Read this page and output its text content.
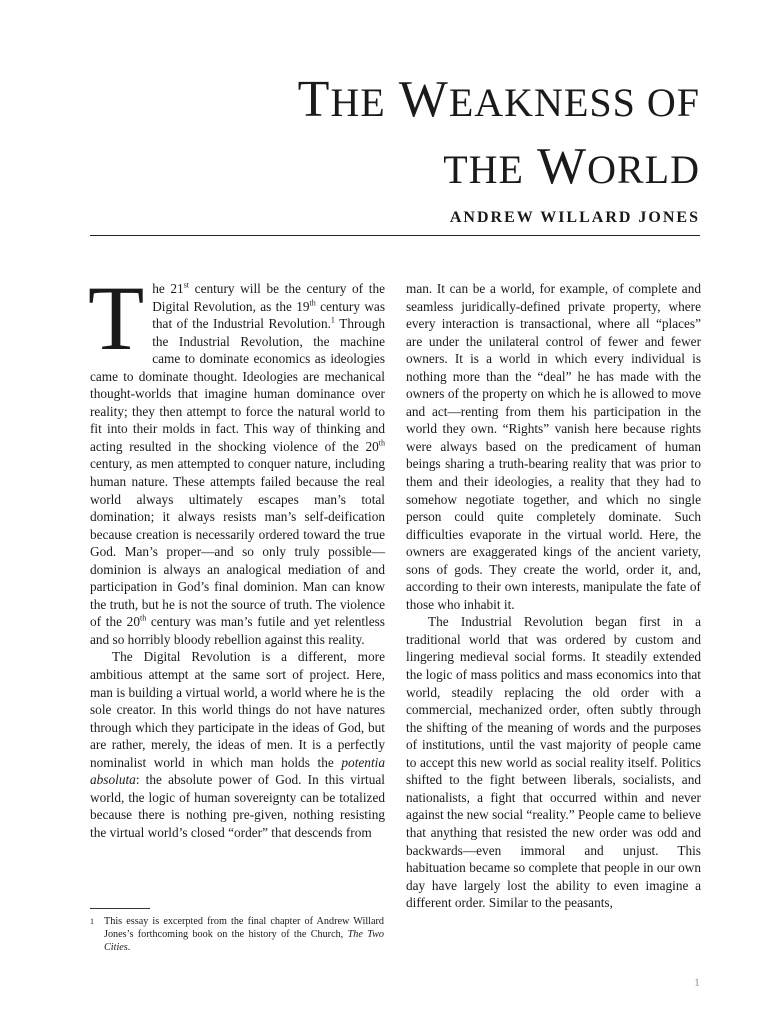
THE WEAKNESS OF
THE WORLD
ANDREW WILLARD JONES

The 21st century will be the century of the Digital Revolution, as the 19th century was that of the Industrial Revolution.$^1$ Through the Industrial Revolution, the machine came to dominate economics as ideologies came to dominate thought. Ideologies are mechanical thought-worlds that imagine human dominance over reality; they then attempt to force the natural world to fit into their molds in fact. This way of thinking and acting resulted in the shocking violence of the 20th century, as men attempted to conquer nature, including human nature. These attempts failed because the real world always ultimately escapes man’s total domination; it always resists man’s self-deification because creation is necessarily ordered toward the true God. Man’s proper—and so only truly possible—dominion is always an analogical mediation of and participation in God’s final dominion. Man can know the truth, but he is not the source of truth. The violence of the 20th century was man’s futile and yet relentless and so horribly bloody rebellion against this reality.

The Digital Revolution is a different, more ambitious attempt at the same sort of project. Here, man is building a virtual world, a world where he is the sole creator. In this world things do not have natures through which they participate in the ideas of God, but are rather, merely, the ideas of men. It is a perfectly nominalist world in which man holds the potentia absoluta: the absolute power of God. In this virtual world, the logic of human sovereignty can be totalized because there is nothing pre-given, nothing resisting the virtual world’s closed “order” that descends from

man. It can be a world, for example, of complete and seamless juridically-defined private property, where every interaction is transactional, where all “places” are under the unilateral control of fewer and fewer owners. It is a world in which every individual is nothing more than the “deal” he has made with the owners of the property on which he is allowed to move and act—renting from them his participation in the world they own. “Rights” vanish here because rights were always based on the predicament of human beings sharing a truth-bearing reality that was prior to them and their ideologies, a reality that they had to somehow negotiate together, and which no single person could quite completely dominate. Such difficulties evaporate in the virtual world. Here, the owners are exaggerated kings of the ancient variety, sons of gods. They create the world, order it, and, according to their own interests, manipulate the fate of those who inhabit it.

The Industrial Revolution began first in a traditional world that was ordered by custom and lingering medieval social forms. It steadily extended the logic of mass politics and mass economics into that world, steadily replacing the old order with a commercial, mechanized order, often subtly through the shifting of the meaning of words and the purposes of institutions, until the vast majority of people came to accept this new world as social reality itself. Politics shifted to the fight between liberals, socialists, and nationalists, a fight that occurred within and never against the new social “reality.” People came to believe that anything that resisted the new order was odd and backwards—even immoral and unjust. This habituation became so complete that people in our own day have largely lost the ability to even imagine a different order. Similar to the peasants,

1 This essay is excerpted from the final chapter of Andrew Willard Jones’s forthcoming book on the history of the Church, The Two Cities.
1
